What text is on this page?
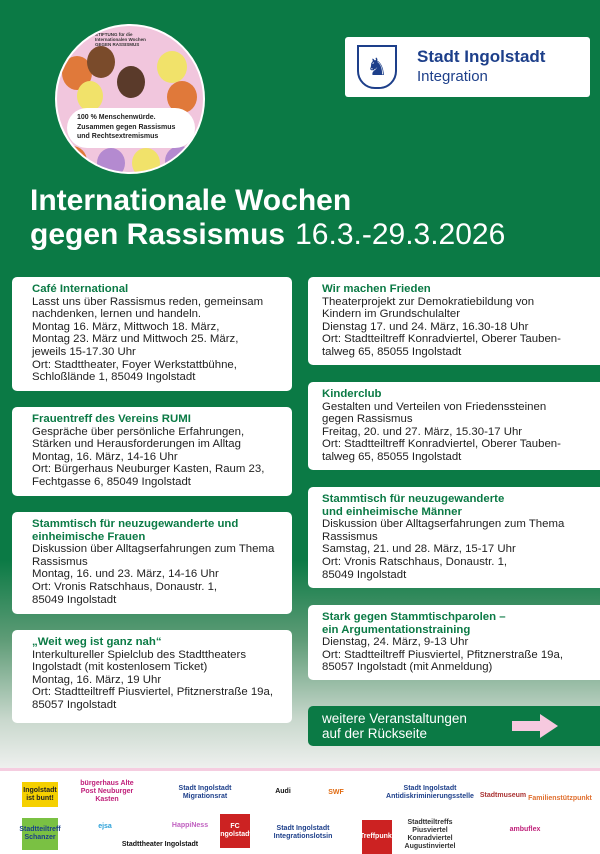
STIFTUNG für die Internationalen Wochen GEGEN RASSISMUS
100 % Menschenwürde.
Zusammen gegen Rassismus
und Rechtsextremismus
♞	Stadt Ingolstadt
Integration
Internationale Wochen
gegen Rassismus 16.3.-29.3.2026
Café International
Lasst uns über Rassismus reden, gemeinsam
nachdenken, lernen und handeln.
Montag 16. März, Mittwoch 18. März,
Montag 23. März und Mittwoch 25. März,
jeweils 15-17.30 Uhr
Ort: Stadttheater, Foyer Werkstattbühne,
Schloßlände 1, 85049 Ingolstadt
Frauentreff des Vereins RUMI
Gespräche über persönliche Erfahrungen,
Stärken und Herausforderungen im Alltag
Montag, 16. März, 14-16 Uhr
Ort: Bürgerhaus Neuburger Kasten, Raum 23,
Fechtgasse 6, 85049 Ingolstadt
Stammtisch für neuzugewanderte und
einheimische Frauen
Diskussion über Alltagserfahrungen zum Thema
Rassismus
Montag, 16. und 23. März, 14-16 Uhr
Ort: Vronis Ratschhaus, Donaustr. 1,
85049 Ingolstadt
„Weit weg ist ganz nah“
Interkultureller Spielclub des Stadttheaters
Ingolstadt (mit kostenlosem Ticket)
Montag, 16. März, 19 Uhr
Ort: Stadtteiltreff Piusviertel, Pfitznerstraße 19a,
85057 Ingolstadt
Wir machen Frieden
Theaterprojekt zur Demokratiebildung von
Kindern im Grundschulalter
Dienstag 17. und 24. März, 16.30-18 Uhr
Ort: Stadtteiltreff Konradviertel, Oberer Tauben-
talweg 65, 85055 Ingolstadt
Kinderclub
Gestalten und Verteilen von Friedenssteinen
gegen Rassismus
Freitag, 20. und 27. März, 15.30-17 Uhr
Ort: Stadtteiltreff Konradviertel, Oberer Tauben-
talweg 65, 85055 Ingolstadt
Stammtisch für neuzugewanderte
und einheimische Männer
Diskussion über Alltagserfahrungen zum Thema
Rassismus
Samstag, 21. und 28. März, 15-17 Uhr
Ort: Vronis Ratschhaus, Donaustr. 1,
85049 Ingolstadt
Stark gegen Stammtischparolen –
ein Argumentationstraining
Dienstag, 24. März, 9-13 Uhr
Ort: Stadtteiltreff Piusviertel, Pfitznerstraße 19a,
85057 Ingolstadt (mit Anmeldung)
weitere Veranstaltungen
auf der Rückseite
Ingolstadt ist bunt!
bürgerhaus Alte Post Neuburger Kasten
Stadt Ingolstadt Migrationsrat
Audi	SWF
Stadt Ingolstadt Antidiskriminierungsstelle Stadtmuseum Familienstützpunkt
Stadtteiltreff Schanzer
ejsa	HappiNess	FC Ingolstadt
Stadttheater Ingolstadt
Stadt Ingolstadt Integrationslotsin	Treffpunkt
Stadtteiltreffs Piusviertel Konradviertel Augustinviertel
ambuflex
